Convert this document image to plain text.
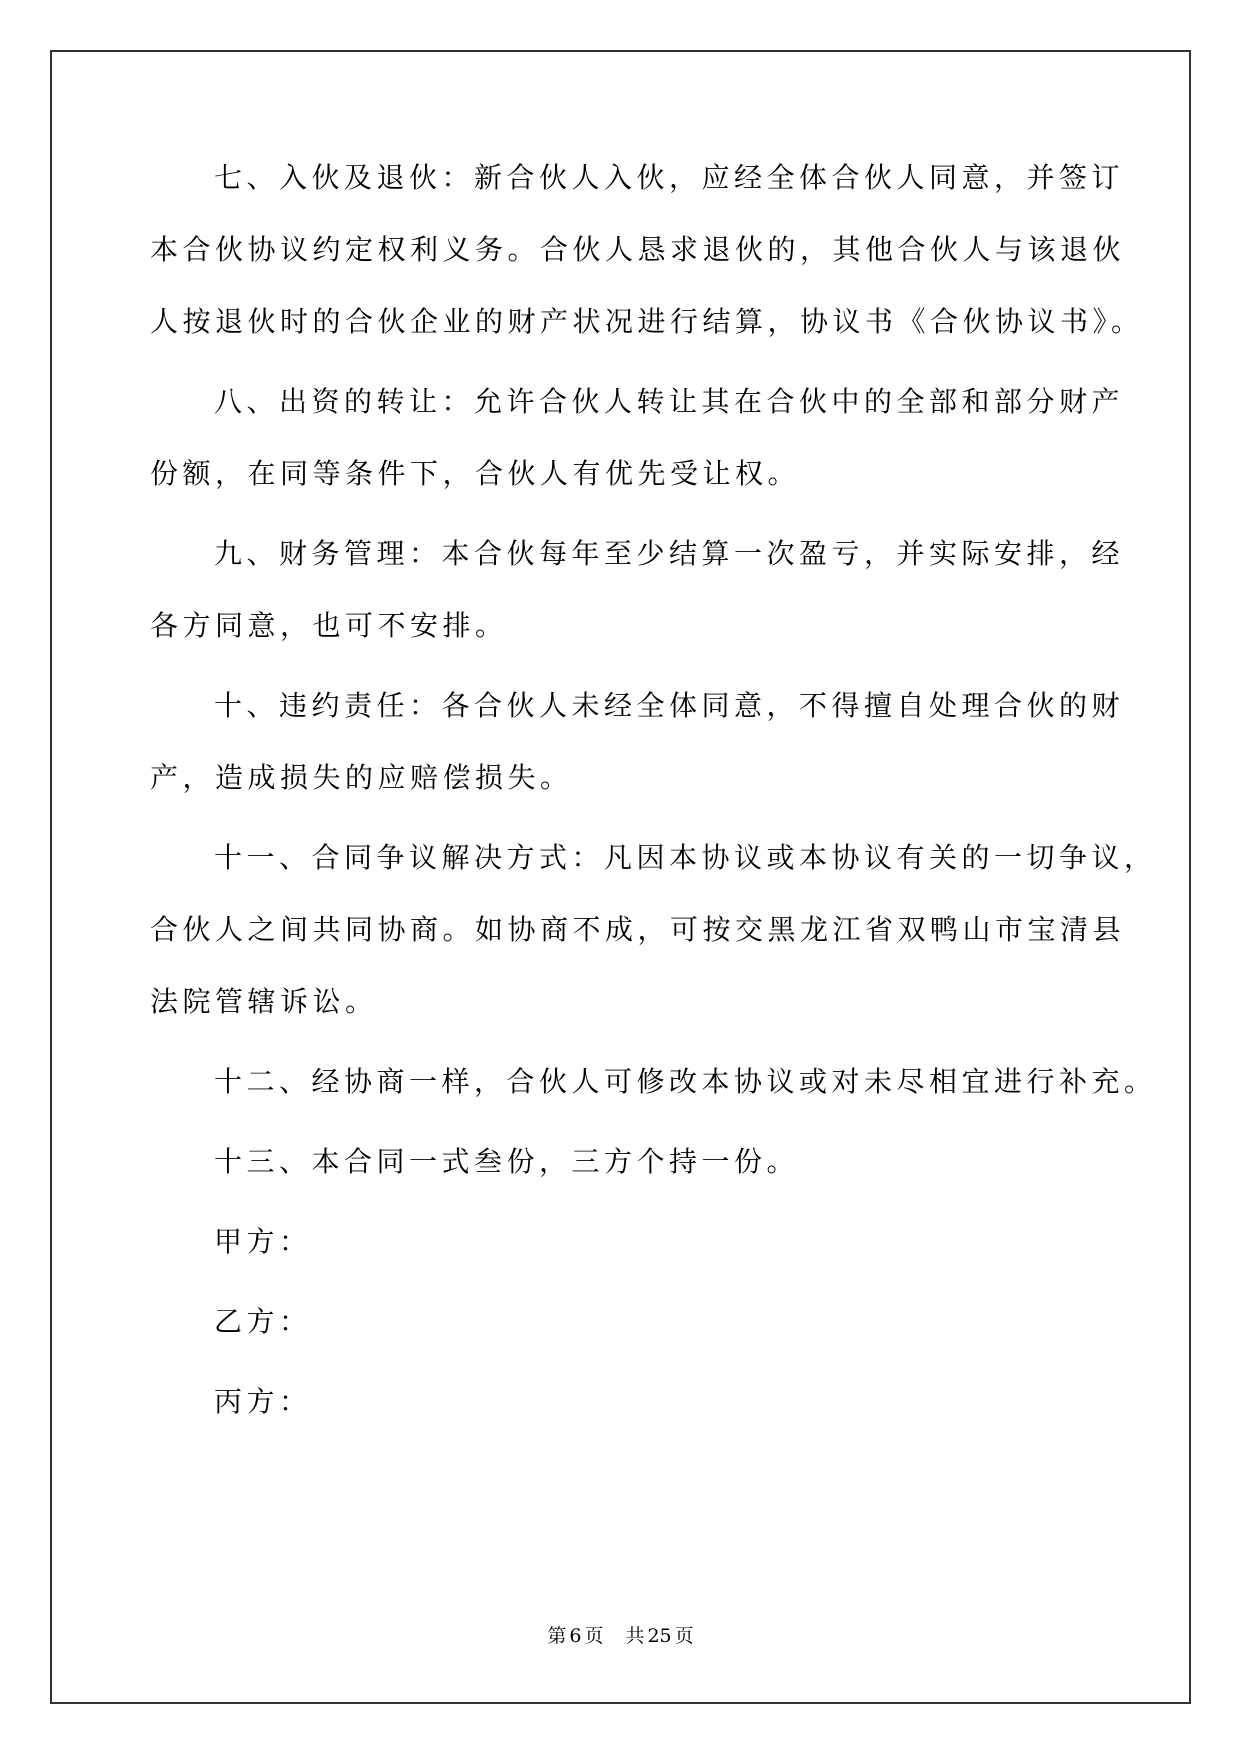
七、入伙及退伙：新合伙人入伙，应经全体合伙人同意，并签订
本合伙协议约定权利义务。合伙人恳求退伙的，其他合伙人与该退伙
人按退伙时的合伙企业的财产状况进行结算，协议书《合伙协议书》。
八、出资的转让：允许合伙人转让其在合伙中的全部和部分财产
份额，在同等条件下，合伙人有优先受让权。
九、财务管理：本合伙每年至少结算一次盈亏，并实际安排，经
各方同意，也可不安排。
十、违约责任：各合伙人未经全体同意，不得擅自处理合伙的财
产，造成损失的应赔偿损失。
十一、合同争议解决方式：凡因本协议或本协议有关的一切争议，
合伙人之间共同协商。如协商不成，可按交黑龙江省双鸭山市宝清县
法院管辖诉讼。
十二、经协商一样，合伙人可修改本协议或对未尽相宜进行补充。
十三、本合同一式叁份，三方个持一份。
甲方：
乙方：
丙方：
第 6 页 共 25 页
